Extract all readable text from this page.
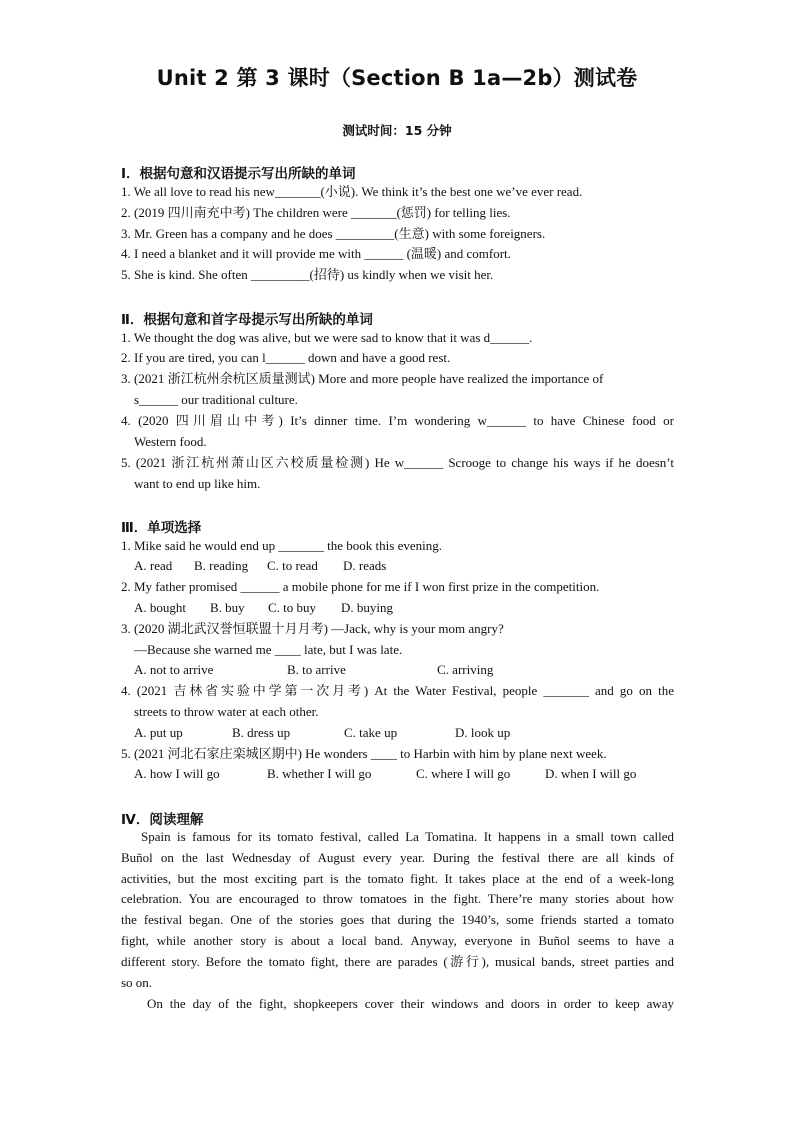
Unit 2 第 3 课时（Section B 1a—2b）测试卷
测试时间：15 分钟
Ⅰ．根据句意和汉语提示写出所缺的单词
1. We all love to read his new_______(小说). We think it’s the best one we’ve ever read.
2. (2019 四川南充中考) The children were _______(惩罚) for telling lies.
3. Mr. Green has a company and he does _________(生意) with some foreigners.
4. I need a blanket and it will provide me with ______ (温暖) and comfort.
5. She is kind. She often _________(招待) us kindly when we visit her.
Ⅱ．根据句意和首字母提示写出所缺的单词
1. We thought the dog was alive, but we were sad to know that it was d______.
2. If you are tired, you can l______ down and have a good rest.
3. (2021 浙江杭州余杭区质量测试) More and more people have realized the importance of
s______ our traditional culture.
4. (2020 四川眉山中考) It’s dinner time. I’m wondering w______ to have Chinese food or
Western food.
5. (2021 浙江杭州萧山区六校质量检测) He w______ Scrooge to change his ways if he doesn’t
want to end up like him.
Ⅲ．单项选择
1. Mike said he would end up _______ the book this evening.
A. read B. reading C. to read D. reads
2. My father promised ______ a mobile phone for me if I won first prize in the competition.
A. bought B. buy C. to buy D. buying
3. (2020 湖北武汉誉恒联盟十月月考) —Jack, why is your mom angry?
—Because she warned me ____ late, but I was late.
A. not to arrive	B. to arrive	C. arriving
4. (2021 吉林省实验中学第一次月考) At the Water Festival, people _______ and go on the
streets to throw water at each other.
A. put up	B. dress up	C. take up	D. look up
5. (2021 河北石家庄栾城区期中) He wonders ____ to Harbin with him by plane next week.
A. how I will go	B. whether I will go	C. where I will go	D. when I will go
Ⅳ．阅读理解
Spain is famous for its tomato festival, called La Tomatina. It happens in a small town called
Buñol on the last Wednesday of August every year. During the festival there are all kinds of
activities, but the most exciting part is the tomato fight. It takes place at the end of a week-long
celebration. You are encouraged to throw tomatoes in the fight. There’re many stories about how
the festival began. One of the stories goes that during the 1940’s, some friends started a tomato
fight, while another story is about a local band. Anyway, everyone in Buñol seems to have a
different story. Before the tomato fight, there are parades (游行), musical bands, street parties and
so on.
On the day of the fight, shopkeepers cover their windows and doors in order to keep away
